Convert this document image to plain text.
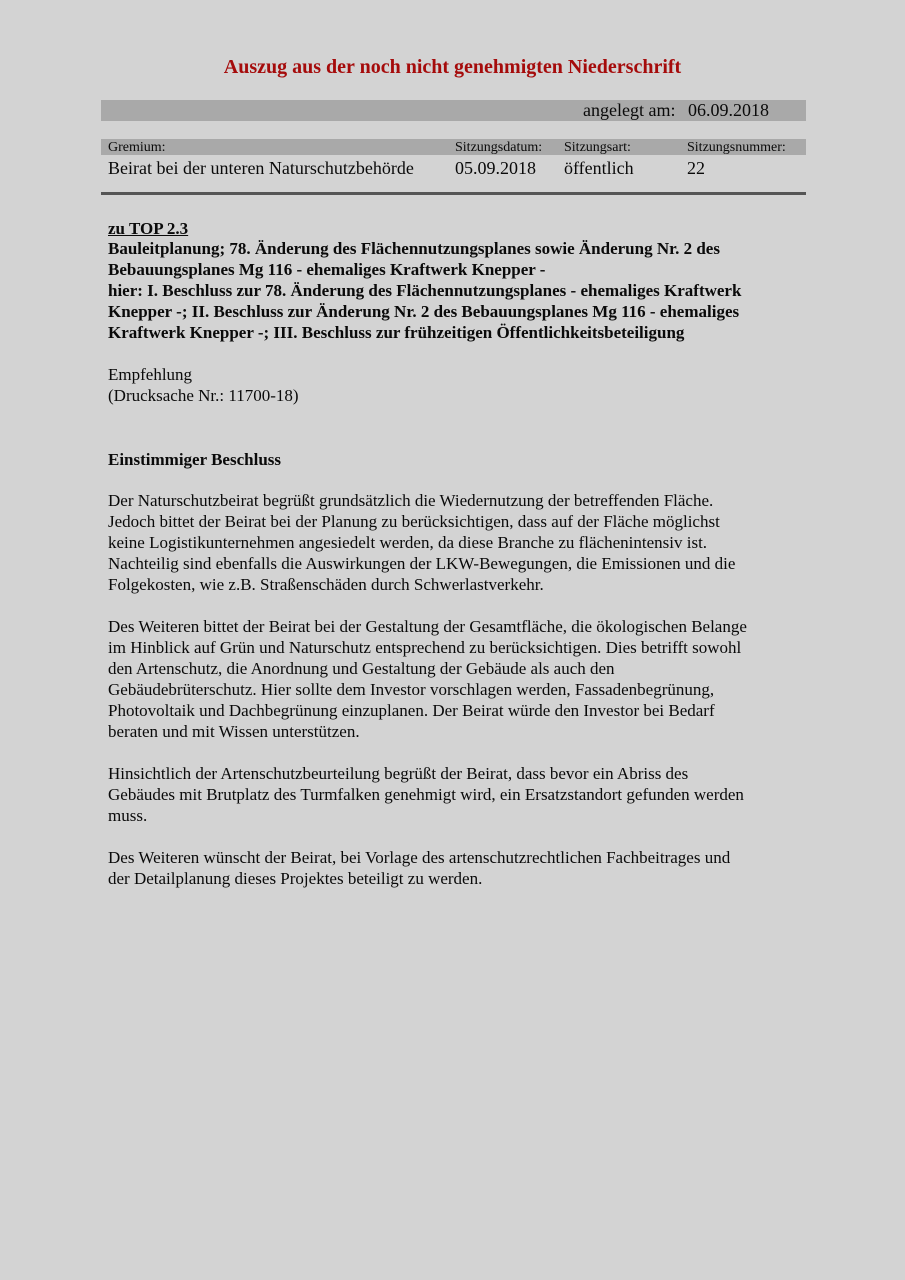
Auszug aus der noch nicht genehmigten Niederschrift
angelegt am: 06.09.2018
Gremium:	Sitzungsdatum: Sitzungsart:	Sitzungsnummer:
Beirat bei der unteren Naturschutzbehörde 05.09.2018 öffentlich	22
zu TOP 2.3
Bauleitplanung; 78. Änderung des Flächennutzungsplanes sowie Änderung Nr. 2 des
Bebauungsplanes Mg 116 - ehemaliges Kraftwerk Knepper -
hier: I. Beschluss zur 78. Änderung des Flächennutzungsplanes - ehemaliges Kraftwerk
Knepper -; II. Beschluss zur Änderung Nr. 2 des Bebauungsplanes Mg 116 - ehemaliges
Kraftwerk Knepper -; III. Beschluss zur frühzeitigen Öffentlichkeitsbeteiligung
Empfehlung
(Drucksache Nr.: 11700-18)
Einstimmiger Beschluss
Der Naturschutzbeirat begrüßt grundsätzlich die Wiedernutzung der betreffenden Fläche.
Jedoch bittet der Beirat bei der Planung zu berücksichtigen, dass auf der Fläche möglichst
keine Logistikunternehmen angesiedelt werden, da diese Branche zu flächenintensiv ist.
Nachteilig sind ebenfalls die Auswirkungen der LKW-Bewegungen, die Emissionen und die
Folgekosten, wie z.B. Straßenschäden durch Schwerlastverkehr.
Des Weiteren bittet der Beirat bei der Gestaltung der Gesamtfläche, die ökologischen Belange
im Hinblick auf Grün und Naturschutz entsprechend zu berücksichtigen. Dies betrifft sowohl
den Artenschutz, die Anordnung und Gestaltung der Gebäude als auch den
Gebäudebrüterschutz. Hier sollte dem Investor vorschlagen werden, Fassadenbegrünung,
Photovoltaik und Dachbegrünung einzuplanen. Der Beirat würde den Investor bei Bedarf
beraten und mit Wissen unterstützen.
Hinsichtlich der Artenschutzbeurteilung begrüßt der Beirat, dass bevor ein Abriss des
Gebäudes mit Brutplatz des Turmfalken genehmigt wird, ein Ersatzstandort gefunden werden
muss.
Des Weiteren wünscht der Beirat, bei Vorlage des artenschutzrechtlichen Fachbeitrages und
der Detailplanung dieses Projektes beteiligt zu werden.
